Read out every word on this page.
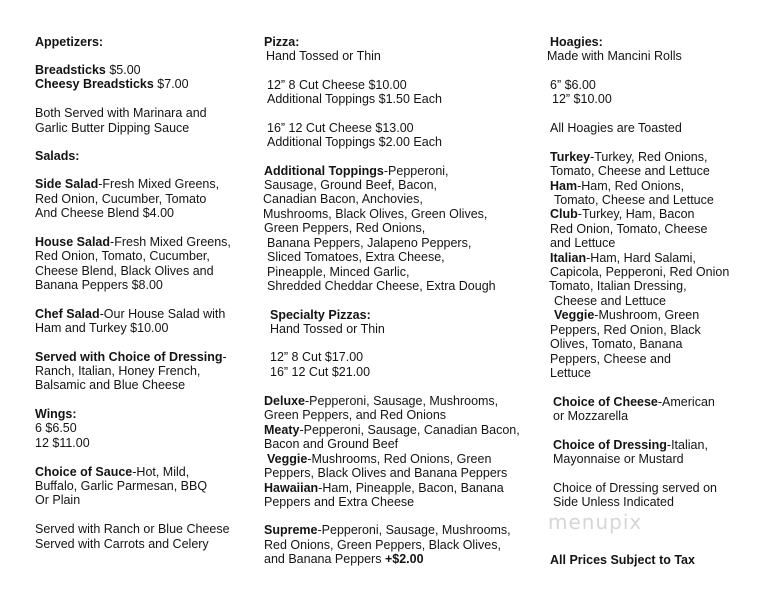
Appetizers:
Breadsticks $5.00
Cheesy Breadsticks $7.00
Both Served with Marinara and
Garlic Butter Dipping Sauce
Salads:
Side Salad-Fresh Mixed Greens,
Red Onion, Cucumber, Tomato
And Cheese Blend $4.00
House Salad-Fresh Mixed Greens,
Red Onion, Tomato, Cucumber,
Cheese Blend, Black Olives and
Banana Peppers $8.00
Chef Salad-Our House Salad with
Ham and Turkey $10.00
Served with Choice of Dressing-
Ranch, Italian, Honey French,
Balsamic and Blue Cheese
Wings:
6 $6.50
12 $11.00
Choice of Sauce-Hot, Mild,
Buffalo, Garlic Parmesan, BBQ
Or Plain
Served with Ranch or Blue Cheese
Served with Carrots and Celery
Pizza:
Hand Tossed or Thin
12” 8 Cut Cheese $10.00
Additional Toppings $1.50 Each
16” 12 Cut Cheese $13.00
Additional Toppings $2.00 Each
Additional Toppings-Pepperoni,
Sausage, Ground Beef, Bacon,
Canadian Bacon, Anchovies,
Mushrooms, Black Olives, Green Olives,
Green Peppers, Red Onions,
Banana Peppers, Jalapeno Peppers,
Sliced Tomatoes, Extra Cheese,
Pineapple, Minced Garlic,
Shredded Cheddar Cheese, Extra Dough
Specialty Pizzas:
Hand Tossed or Thin
12” 8 Cut $17.00
16” 12 Cut $21.00
Deluxe-Pepperoni, Sausage, Mushrooms,
Green Peppers, and Red Onions
Meaty-Pepperoni, Sausage, Canadian Bacon,
Bacon and Ground Beef
Veggie-Mushrooms, Red Onions, Green
Peppers, Black Olives and Banana Peppers
Hawaiian-Ham, Pineapple, Bacon, Banana
Peppers and Extra Cheese
Supreme-Pepperoni, Sausage, Mushrooms,
Red Onions, Green Peppers, Black Olives,
and Banana Peppers +$2.00
Hoagies:
Made with Mancini Rolls
6” $6.00
12” $10.00
All Hoagies are Toasted
Turkey-Turkey, Red Onions,
Tomato, Cheese and Lettuce
Ham-Ham, Red Onions,
Tomato, Cheese and Lettuce
Club-Turkey, Ham, Bacon
Red Onion, Tomato, Cheese
and Lettuce
Italian-Ham, Hard Salami,
Capicola, Pepperoni, Red Onion
Tomato, Italian Dressing,
Cheese and Lettuce
Veggie-Mushroom, Green
Peppers, Red Onion, Black
Olives, Tomato, Banana
Peppers, Cheese and
Lettuce
Choice of Cheese-American
or Mozzarella
Choice of Dressing-Italian,
Mayonnaise or Mustard
Choice of Dressing served on
Side Unless Indicated
All Prices Subject to Tax
menupix
